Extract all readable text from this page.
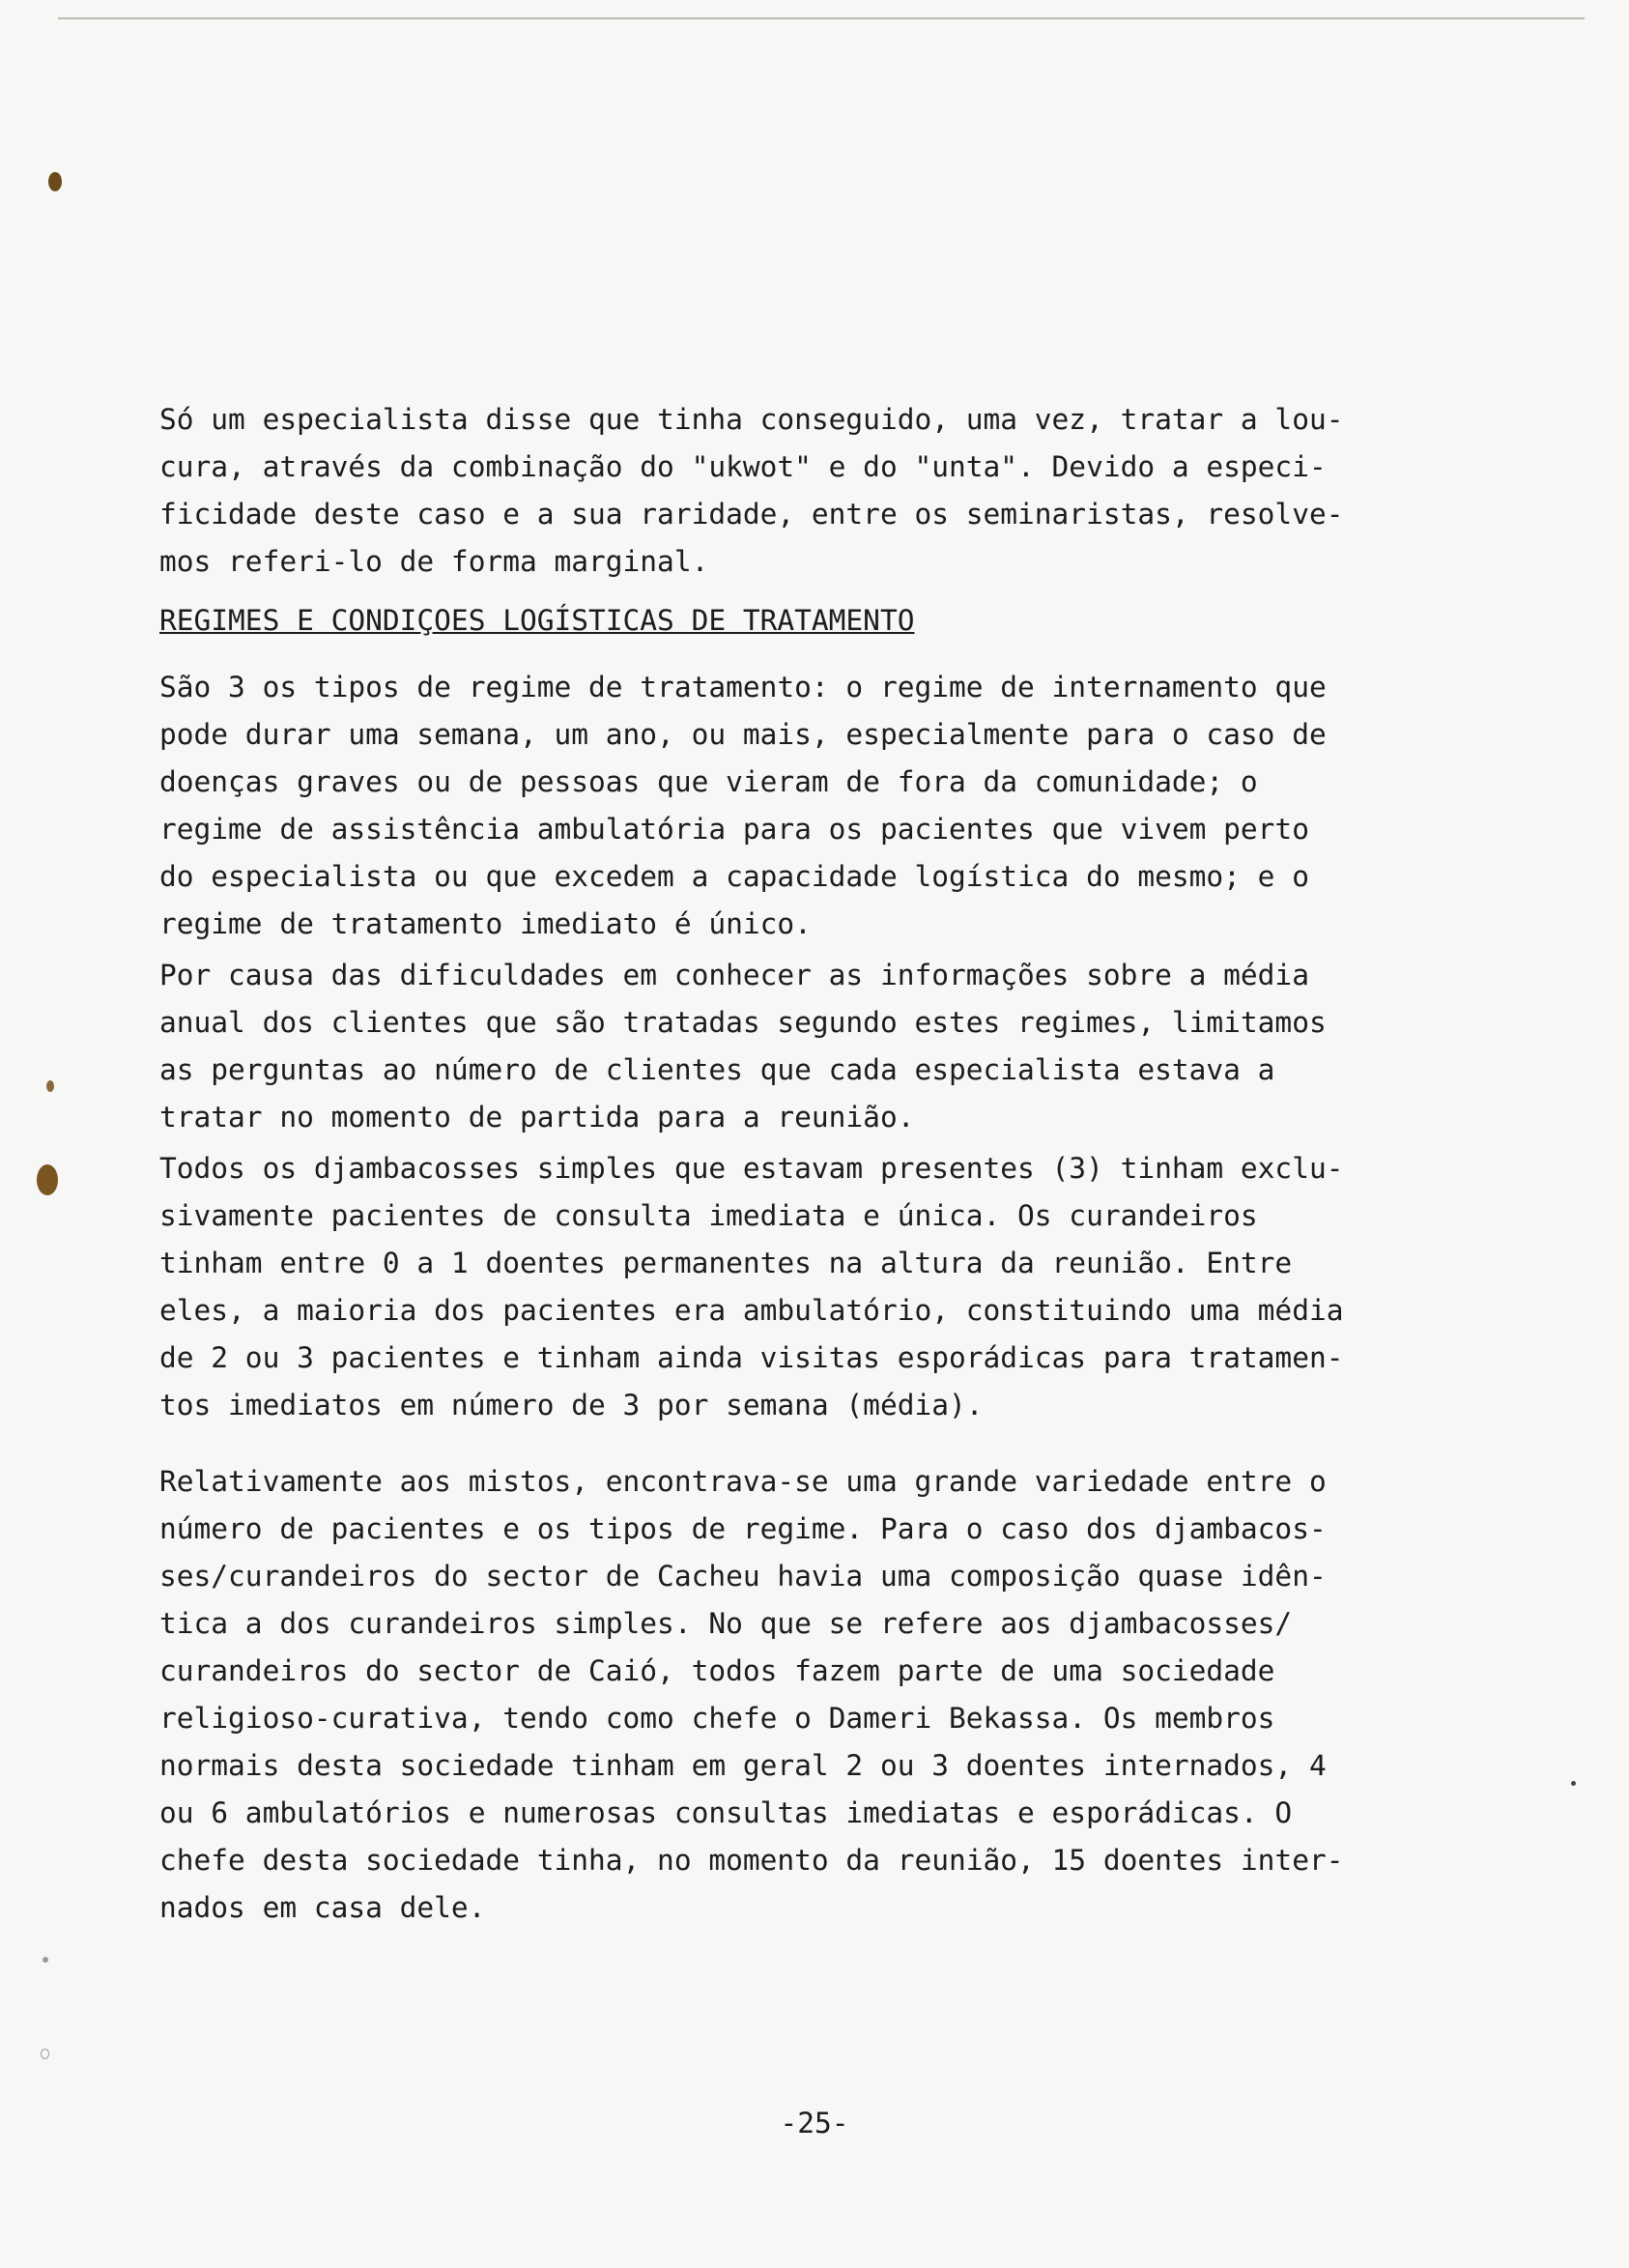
Só um especialista disse que tinha conseguido, uma vez, tratar a lou-
cura, através da combinação do "ukwot" e do "unta". Devido a especi-
ficidade deste caso e a sua raridade, entre os seminaristas, resolve-
mos referi-lo de forma marginal.
REGIMES E CONDIÇOES LOGÍSTICAS DE TRATAMENTO
São 3 os tipos de regime de tratamento: o regime de internamento que
pode durar uma semana, um ano, ou mais, especialmente para o caso de
doenças graves ou de pessoas que vieram de fora da comunidade; o
regime de assistência ambulatória para os pacientes que vivem perto
do especialista ou que excedem a capacidade logística do mesmo; e o
regime de tratamento imediato é único.
Por causa das dificuldades em conhecer as informações sobre a média
anual dos clientes que são tratadas segundo estes regimes, limitamos
as perguntas ao número de clientes que cada especialista estava a
tratar no momento de partida para a reunião.
Todos os djambacosses simples que estavam presentes (3) tinham exclu-
sivamente pacientes de consulta imediata e única. Os curandeiros
tinham entre 0 a 1 doentes permanentes na altura da reunião. Entre
eles, a maioria dos pacientes era ambulatório, constituindo uma média
de 2 ou 3 pacientes e tinham ainda visitas esporádicas para tratamen-
tos imediatos em número de 3 por semana (média).
Relativamente aos mistos, encontrava-se uma grande variedade entre o
número de pacientes e os tipos de regime. Para o caso dos djambacos-
ses/curandeiros do sector de Cacheu havia uma composição quase idên-
tica a dos curandeiros simples. No que se refere aos djambacosses/
curandeiros do sector de Caió, todos fazem parte de uma sociedade
religioso-curativa, tendo como chefe o Dameri Bekassa. Os membros
normais desta sociedade tinham em geral 2 ou 3 doentes internados, 4
ou 6 ambulatórios e numerosas consultas imediatas e esporádicas. O
chefe desta sociedade tinha, no momento da reunião, 15 doentes inter-
nados em casa dele.
-25-
